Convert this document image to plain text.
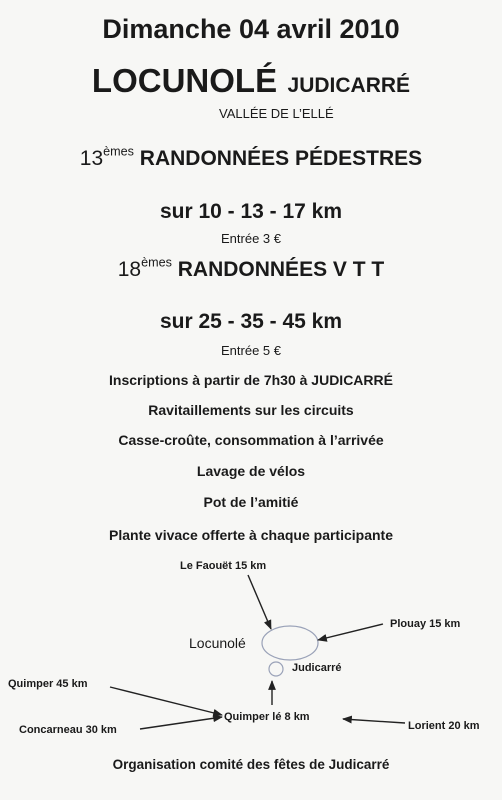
Dimanche 04 avril 2010
LOCUNOLÉ JUDICARRÉ
VALLÉE DE L’ELLÉ
13èmes RANDONNÉES PÉDESTRES
sur 10 - 13 - 17 km
Entrée 3 €
18èmes RANDONNÉES V T T
sur 25 - 35 - 45 km
Entrée 5 €
Inscriptions à partir de 7h30 à JUDICARRÉ
Ravitaillements sur les circuits
Casse-croûte, consommation à l’arrivée
Lavage de vélos
Pot de l’amitié
Plante vivace offerte à chaque participante
Le Faouët 15 km
Plouay 15 km
Locunolé
Judicarré
Quimper 45 km
Quimper lé 8 km
Concarneau 30 km	Lorient 20 km
Organisation comité des fêtes de Judicarré
